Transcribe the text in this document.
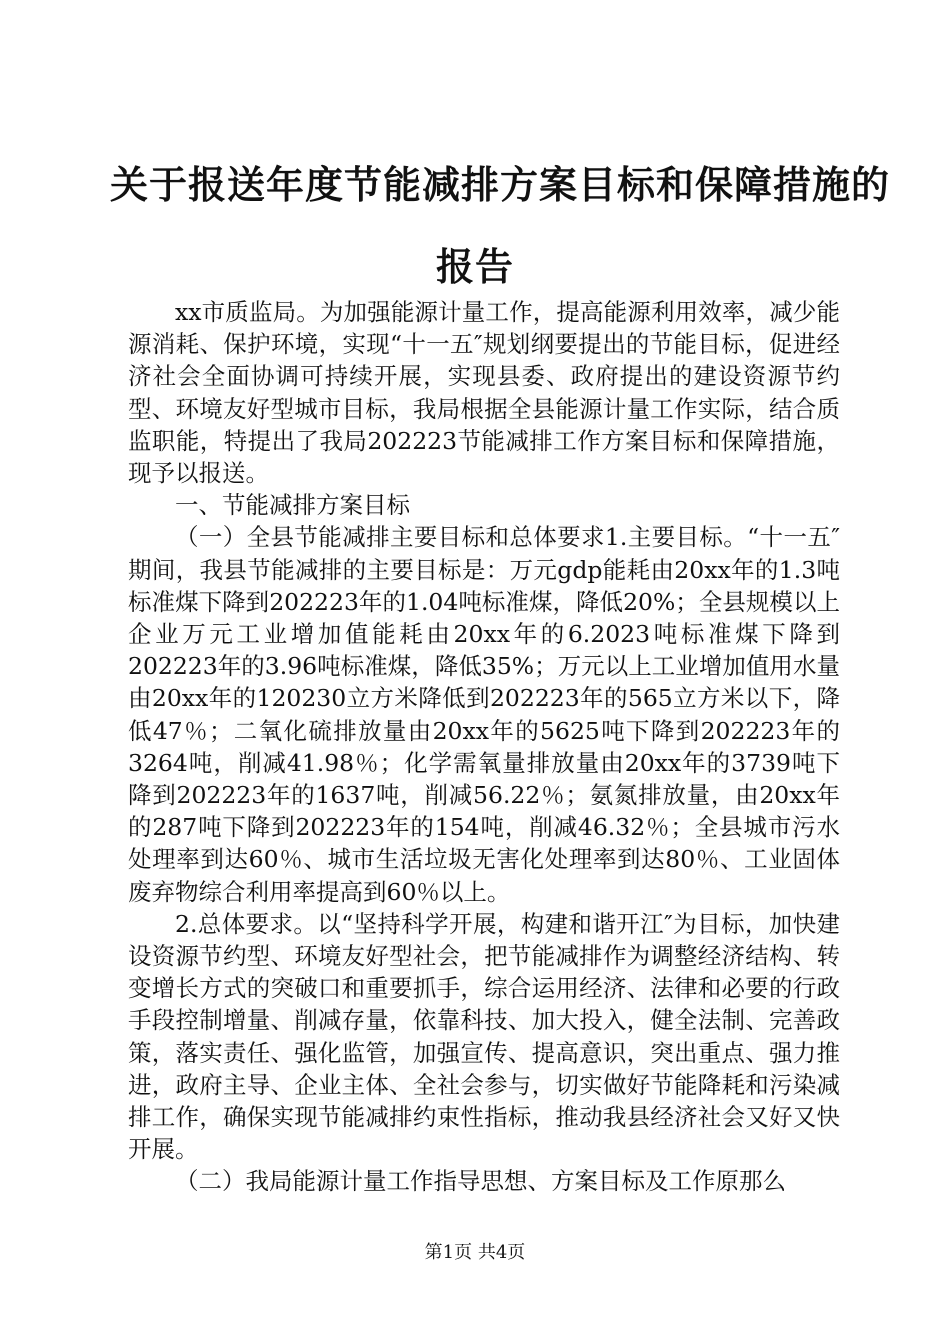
关于报送年度节能减排方案目标和保障措施的
报告

xx市质监局。为加强能源计量工作，提高能源利用效率，减少能源消耗、保护环境，实现“十一五″规划纲要提出的节能目标，促进经济社会全面协调可持续开展，实现县委、政府提出的建设资源节约型、环境友好型城市目标，我局根据全县能源计量工作实际，结合质监职能，特提出了我局202223节能减排工作方案目标和保障措施，现予以报送。

一、节能减排方案目标

（一）全县节能减排主要目标和总体要求1.主要目标。“十一五″期间，我县节能减排的主要目标是：万元gdp能耗由20xx年的1.3吨标准煤下降到202223年的1.04吨标准煤，降低20%；全县规模以上企业万元工业增加值能耗由20xx年的6.2023吨标准煤下降到202223年的3.96吨标准煤，降低35%；万元以上工业增加值用水量由20xx年的120230立方米降低到202223年的565立方米以下，降低47％；二氧化硫排放量由20xx年的5625吨下降到202223年的3264吨，削减41.98％；化学需氧量排放量由20xx年的3739吨下降到202223年的1637吨，削减56.22％；氨氮排放量，由20xx年的287吨下降到202223年的154吨，削减46.32％；全县城市污水处理率到达60％、城市生活垃圾无害化处理率到达80％、工业固体废弃物综合利用率提高到60％以上。

2.总体要求。以“坚持科学开展，构建和谐开江″为目标，加快建设资源节约型、环境友好型社会，把节能减排作为调整经济结构、转变增长方式的突破口和重要抓手，综合运用经济、法律和必要的行政手段控制增量、削减存量，依靠科技、加大投入，健全法制、完善政策，落实责任、强化监管，加强宣传、提高意识，突出重点、强力推进，政府主导、企业主体、全社会参与，切实做好节能降耗和污染减排工作，确保实现节能减排约束性指标，推动我县经济社会又好又快开展。

（二）我局能源计量工作指导思想、方案目标及工作原那么

第1页 共4页
